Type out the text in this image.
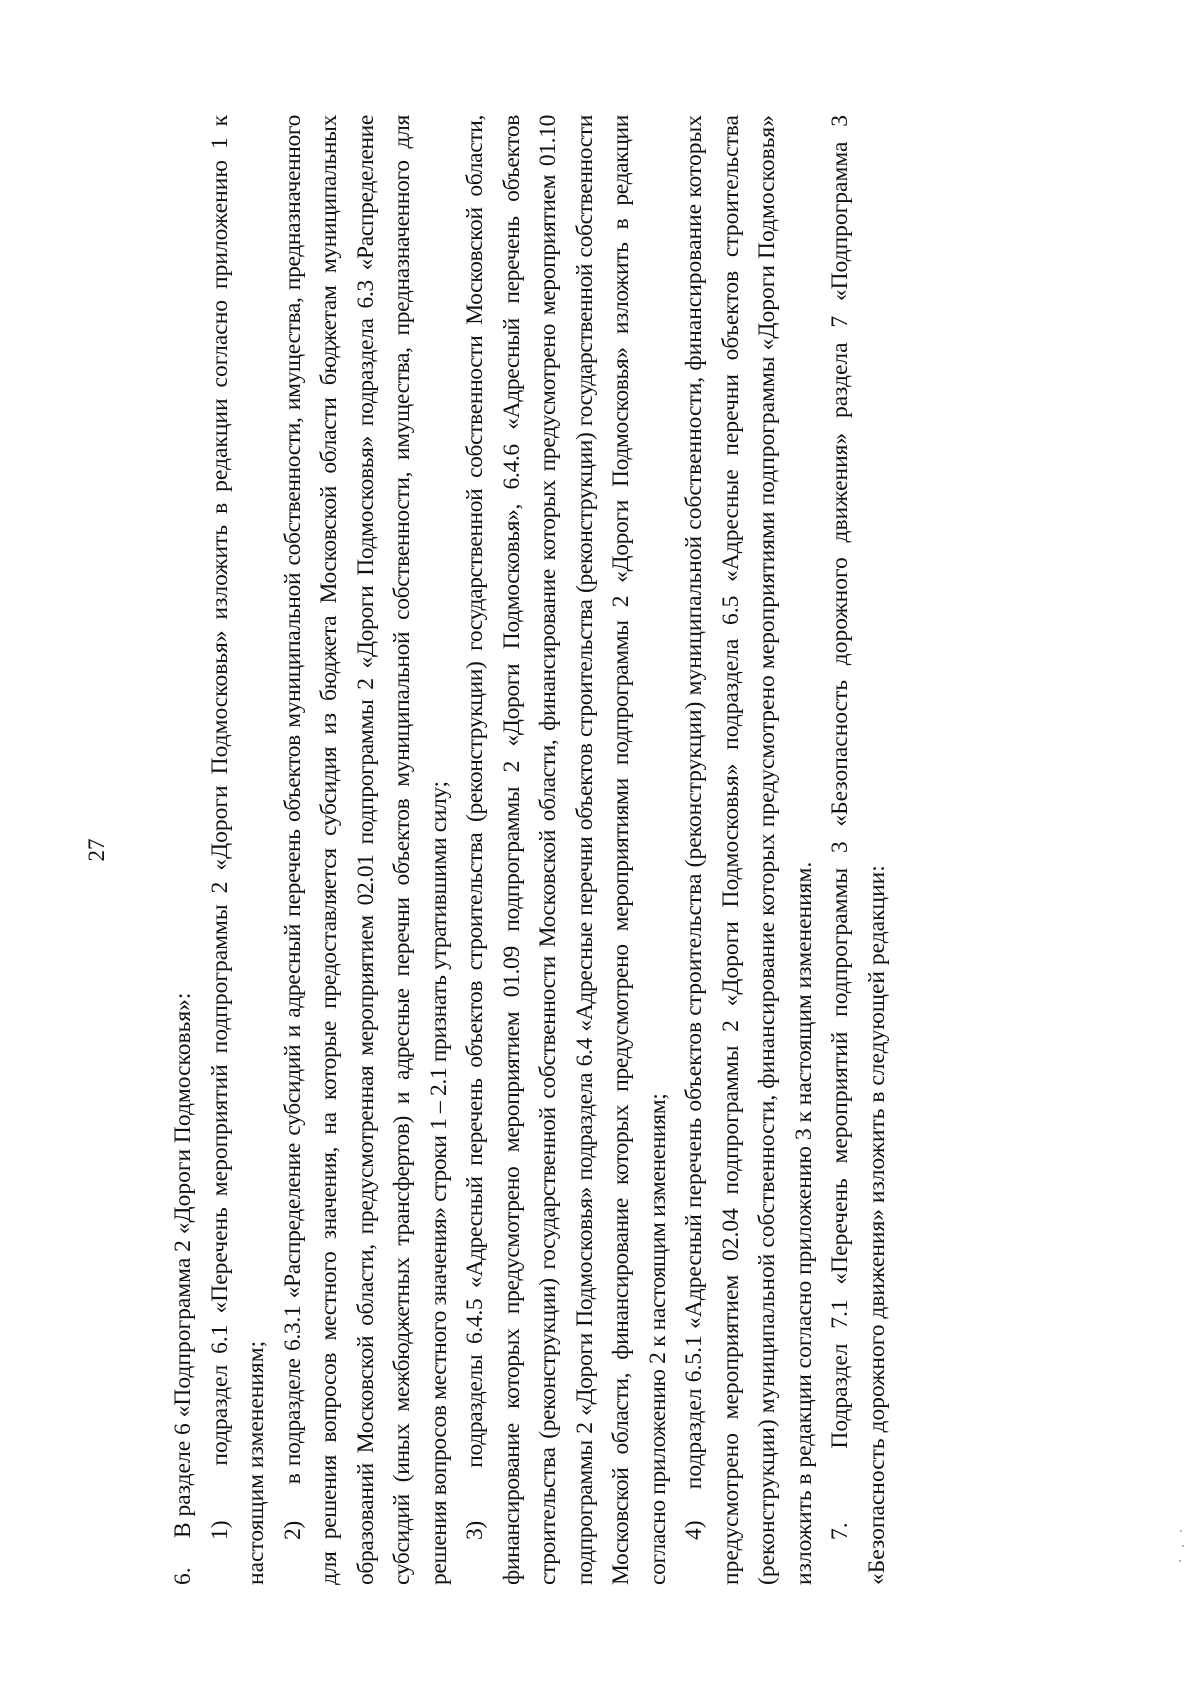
27

6.     В разделе 6 «Подпрограмма 2 «Дороги Подмосковья»: 1)     подраздел 6.1 «Перечень мероприятий подпрограммы 2 «Дороги Подмосковья» изложить в редакции согласно приложению 1 к настоящим изменениям; 2)     в подразделе 6.3.1 «Распределение субсидий и адресный перечень объектов муниципальной собственности, имущества, предназначенного для решения вопросов местного значения, на которые предоставляется субсидия из бюджета Московской области бюджетам муниципальных образований Московской области, предусмотренная мероприятием 02.01 подпрограммы 2 «Дороги Подмосковья» подраздела 6.3 «Распределение субсидий (иных межбюджетных трансфертов) и адресные перечни объектов муниципальной собственности, имущества, предназначенного для решения вопросов местного значения» строки 1 – 2.1 признать утратившими силу; 3)     подразделы 6.4.5 «Адресный перечень объектов строительства (реконструкции) государственной собственности Московской области, финансирование которых предусмотрено мероприятием 01.09 подпрограммы 2 «Дороги Подмосковья», 6.4.6 «Адресный перечень объектов строительства (реконструкции) государственной собственности Московской области, финансирование которых предусмотрено мероприятием 01.10 подпрограммы 2 «Дороги Подмосковья» подраздела 6.4 «Адресные перечни объектов строительства (реконструкции) государственной собственности Московской области, финансирование которых предусмотрено мероприятиями подпрограммы 2 «Дороги Подмосковья» изложить в редакции согласно приложению 2 к настоящим изменениям; 4)     подраздел 6.5.1 «Адресный перечень объектов строительства (реконструкции) муниципальной собственности, финансирование которых предусмотрено мероприятием 02.04 подпрограммы 2 «Дороги Подмосковья» подраздела 6.5 «Адресные перечни объектов строительства (реконструкции) муниципальной собственности, финансирование которых предусмотрено мероприятиями подпрограммы «Дороги Подмосковья» изложить в редакции согласно приложению 3 к настоящим изменениям. 7.     Подраздел 7.1 «Перечень мероприятий подпрограммы 3 «Безопасность дорожного движения» раздела 7 «Подпрограмма 3 «Безопасность дорожного движения» изложить в следующей редакции:
